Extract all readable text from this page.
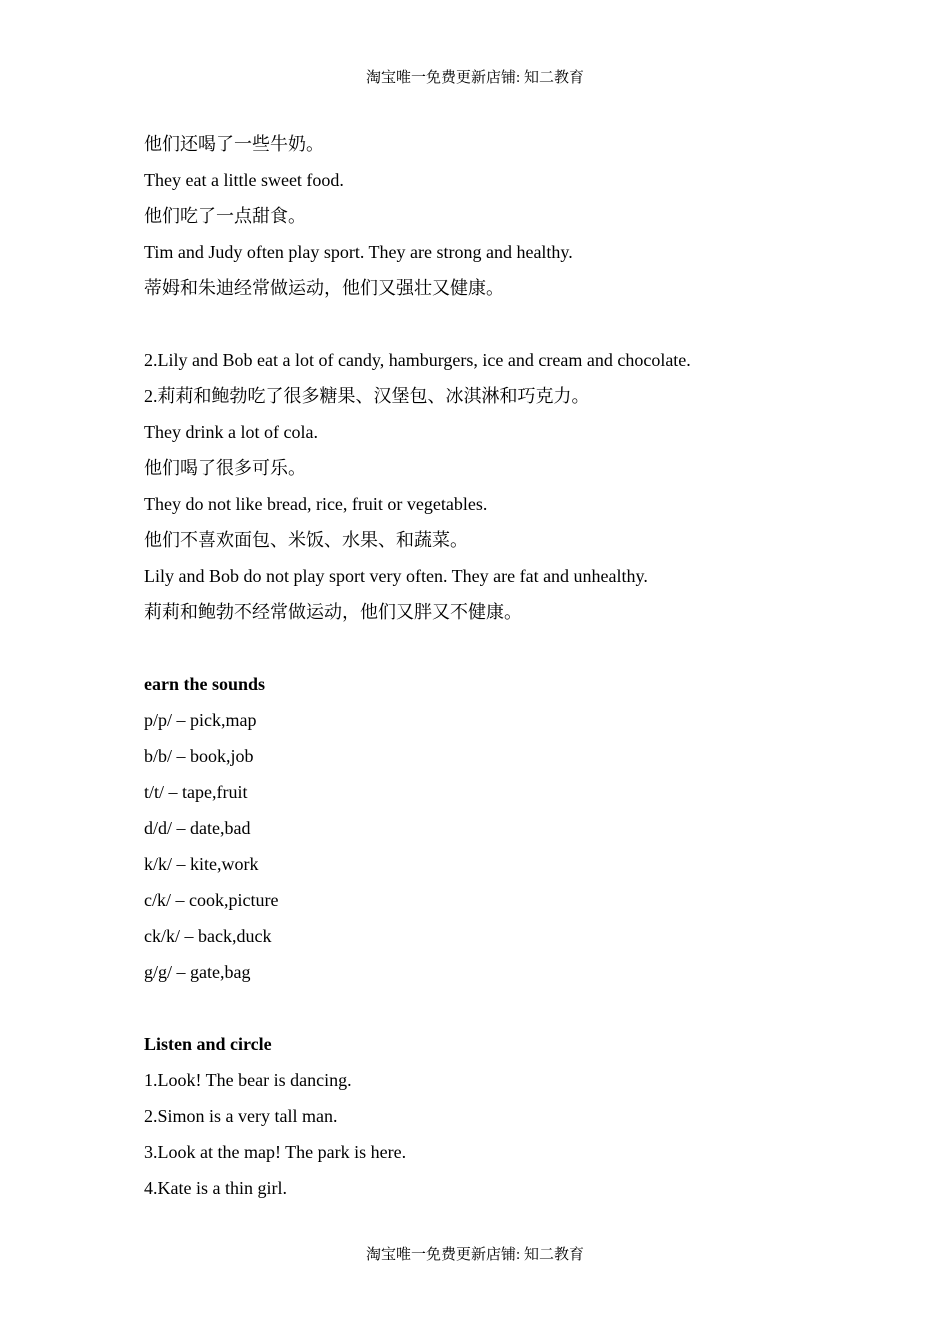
淘宝唯一免费更新店铺: 知二教育
他们还喝了一些牛奶。
They eat a little sweet food.
他们吃了一点甜食。
Tim and Judy often play sport. They are strong and healthy.
蒂姆和朱迪经常做运动，他们又强壮又健康。
2.Lily and Bob eat a lot of candy, hamburgers, ice and cream and chocolate.
2.莉莉和鲍勃吃了很多糖果、汉堡包、冰淇淋和巧克力。
They drink a lot of cola.
他们喝了很多可乐。
They do not like bread, rice, fruit or vegetables.
他们不喜欢面包、米饭、水果、和蔬菜。
Lily and Bob do not play sport very often. They are fat and unhealthy.
莉莉和鲍勃不经常做运动，他们又胖又不健康。
earn the sounds
p/p/ – pick,map
b/b/ – book,job
t/t/ – tape,fruit
d/d/ – date,bad
k/k/ – kite,work
c/k/ – cook,picture
ck/k/ – back,duck
g/g/ – gate,bag
Listen and circle
1.Look! The bear is dancing.
2.Simon is a very tall man.
3.Look at the map! The park is here.
4.Kate is a thin girl.
淘宝唯一免费更新店铺: 知二教育
